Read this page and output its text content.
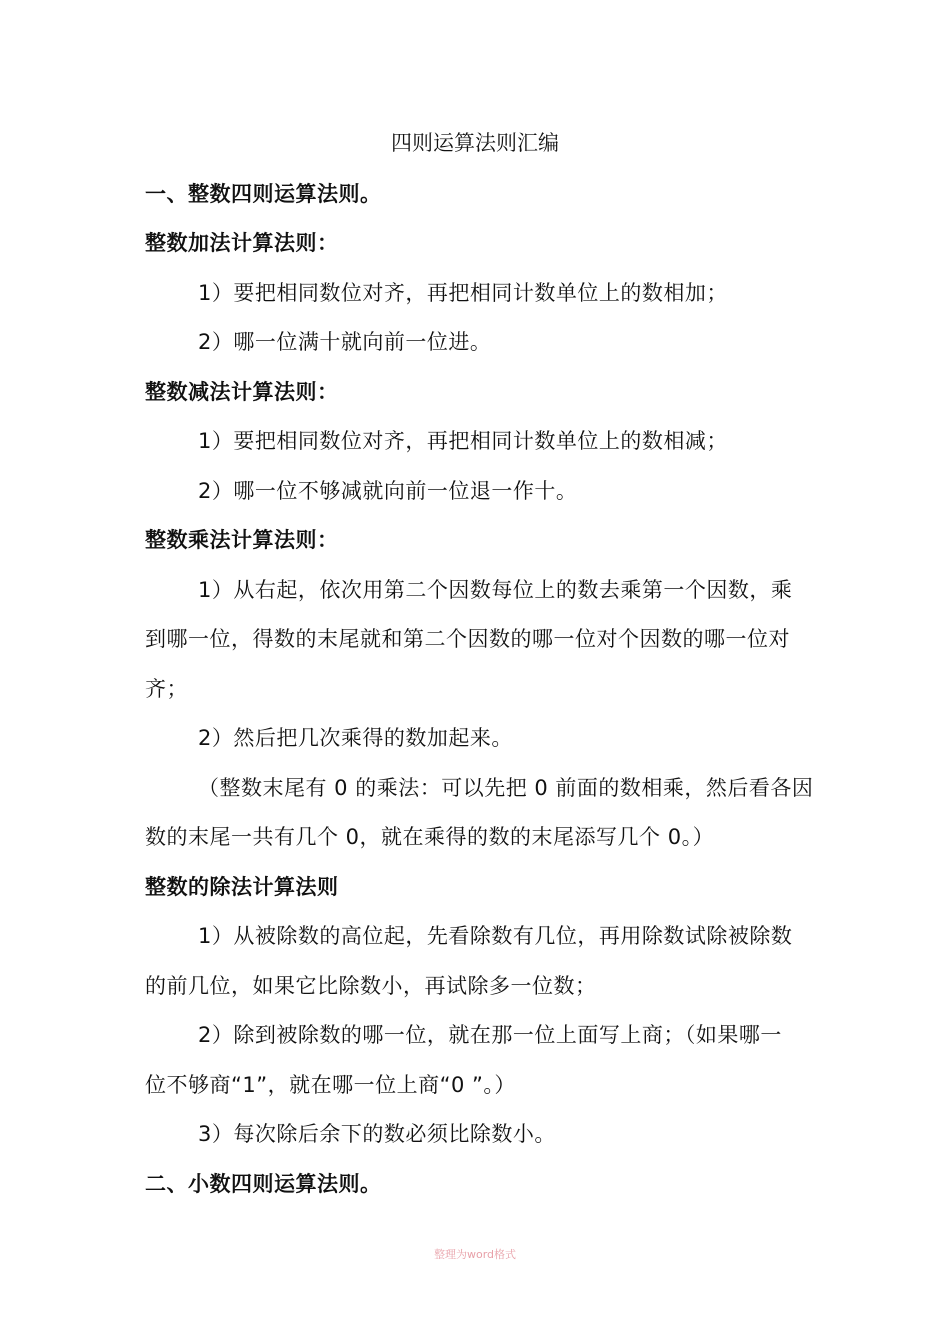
四则运算法则汇编
一、整数四则运算法则。
整数加法计算法则：
1）要把相同数位对齐，再把相同计数单位上的数相加；
2）哪一位满十就向前一位进。
整数减法计算法则：
1）要把相同数位对齐，再把相同计数单位上的数相减；
2）哪一位不够减就向前一位退一作十。
整数乘法计算法则：
1）从右起，依次用第二个因数每位上的数去乘第一个因数，乘
到哪一位，得数的末尾就和第二个因数的哪一位对个因数的哪一位对
齐；
2）然后把几次乘得的数加起来。
（整数末尾有 0 的乘法：可以先把 0 前面的数相乘，然后看各因
数的末尾一共有几个 0，就在乘得的数的末尾添写几个 0。）
整数的除法计算法则
1）从被除数的高位起，先看除数有几位，再用除数试除被除数
的前几位，如果它比除数小，再试除多一位数；
2）除到被除数的哪一位，就在那一位上面写上商；（如果哪一
位不够商“1”，就在哪一位上商“0 ”。）
3）每次除后余下的数必须比除数小。
二、小数四则运算法则。
整理为word格式
